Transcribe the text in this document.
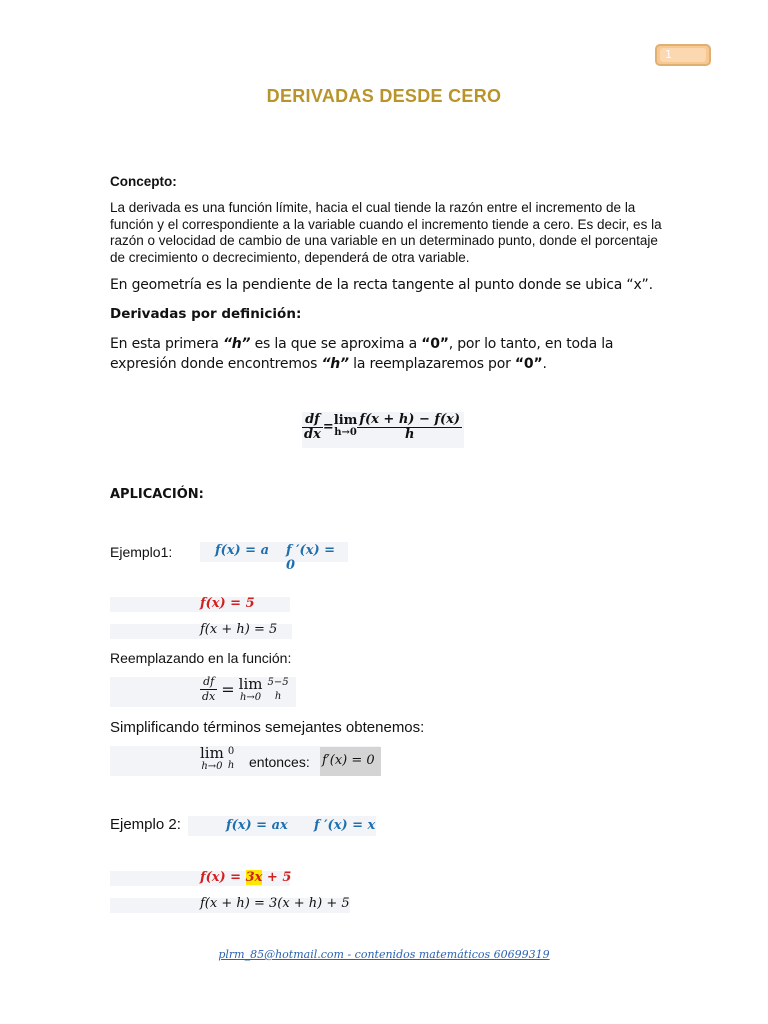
1
DERIVADAS DESDE CERO
Concepto:
La derivada es una función límite, hacia el cual tiende la razón entre el incremento de la función y el correspondiente a la variable cuando el incremento tiende a cero. Es decir, es la razón o velocidad de cambio de una variable en un determinado punto, donde el porcentaje de crecimiento o decrecimiento, dependerá de otra variable.
En geometría es la pendiente de la recta tangente al punto donde se ubica “x”.
Derivadas por definición:
En esta primera “h” es la que se aproxima a “0”, por lo tanto, en toda la expresión donde encontremos “h” la reemplazaremos por “0”.
$\frac{df}{dx} =\lim$
$h\to 0 \frac{f(x + h) - f(x)}{h}$
APLICACIÓN:
Ejemplo1:	f(x) = a f ′(x) = 0
f(x) = 5
f(x + h) = 5
Reemplazando en la función:
$\frac{df}{dx} = \lim$
h→0
5−5
h
Simplificando términos semejantes obtenemos:
lim
h→0
0
h entonces: f′(x) = 0
Ejemplo 2:	f(x) = ax f ′(x) = x
f(x) = 3x + 5
f(x + h) = 3(x + h) + 5
plrm_85@hotmail.com - contenidos matemáticos 60699319
